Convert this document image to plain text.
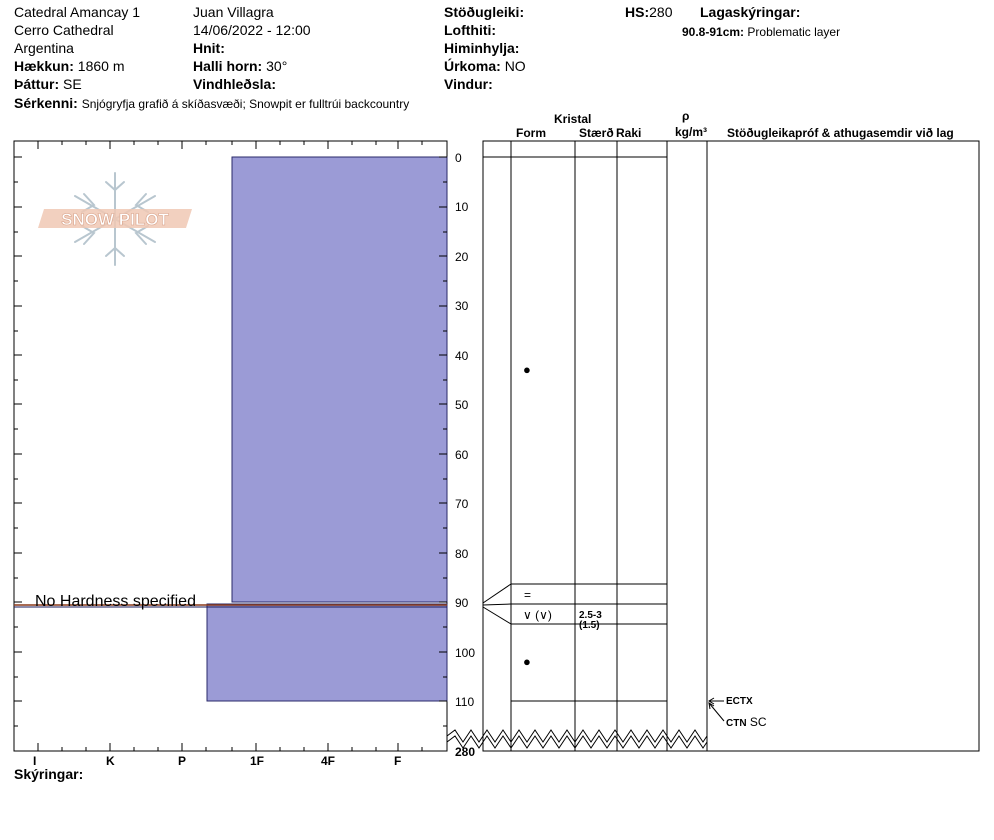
Catedral Amancay 1
Cerro Cathedral
Argentina
Hækkun: 1860 m
Þáttur: SE
Juan Villagra
14/06/2022 - 12:00
Hnit:
Halli horn: 30°
Vindhleðsla:
Stöðugleiki:
Lofthiti:
Himinhylja:
Úrkoma: NO
Vindur:
HS:280 Lagaskýringar:
90.8-91cm: Problematic layer
Sérkenni: Snjógryfja grafið á skíðasvæði; Snowpit er fulltrúi backcountry
SNOW PILOT
No Hardness specified
0
10
20
30
40
50
60
70
80
90
100
110
280
I	K	P	1F	4F	F
Kristal
Form	Stærð Raki
ρ
kg/m³ Stöðugleikapróf & athugasemdir við lag
●
=
∨ (∨)	2.5-3
(1.5)
●
ECTX
CTN SC
Skýringar:
